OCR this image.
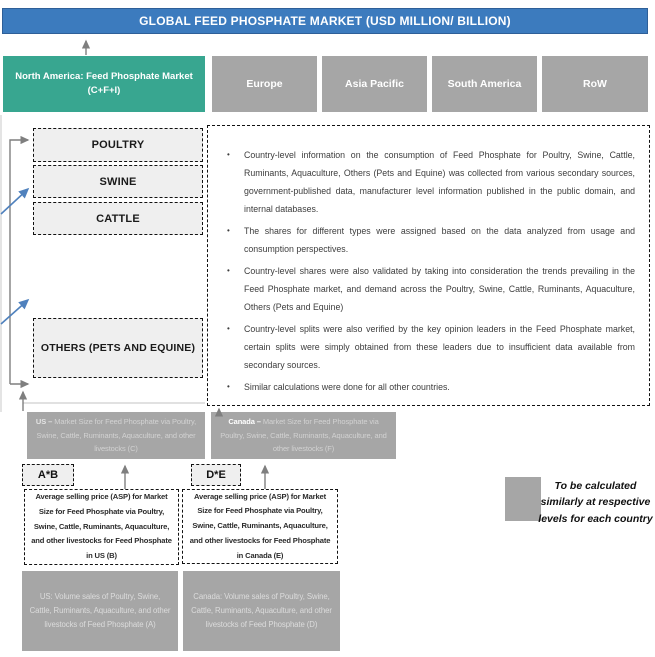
GLOBAL FEED PHOSPHATE MARKET (USD MILLION/ BILLION)
North America: Feed Phosphate Market
(C+F+I)
Europe	Asia Pacific	South America	RoW
POULTRY
SWINE
CATTLE
OTHERS (PETS AND EQUINE)
• Country-level information on the consumption of Feed Phosphate for Poultry, Swine, Cattle, Ruminants, Aquaculture, Others (Pets and Equine) was collected from various secondary sources, government-published data, manufacturer level information published in the public domain, and internal databases.
• The shares for different types were assigned based on the data analyzed from usage and consumption perspectives.
• Country-level shares were also validated by taking into consideration the trends prevailing in the Feed Phosphate market, and demand across the Poultry, Swine, Cattle, Ruminants, Aquaculture, Others (Pets and Equine)
• Country-level splits were also verified by the key opinion leaders in the Feed Phosphate market, certain splits were simply obtained from these leaders due to insufficient data available from secondary sources.
• Similar calculations were done for all other countries.
US – Market Size for Feed Phosphate via Poultry, Swine, Cattle, Ruminants, Aquaculture, and other livestocks (C)
Canada – Market Size for Feed Phosphate via Poultry, Swine, Cattle, Ruminants, Aquaculture, and other livestocks (F)
A*B	D*E
Average selling price (ASP) for Market Size for Feed Phosphate via Poultry, Swine, Cattle, Ruminants, Aquaculture, and other livestocks for Feed Phosphate in US (B)
Average selling price (ASP) for Market Size for Feed Phosphate via Poultry, Swine, Cattle, Ruminants, Aquaculture, and other livestocks for Feed Phosphate in Canada (E)
US: Volume sales of Poultry, Swine, Cattle, Ruminants, Aquaculture, and other livestocks of Feed Phosphate (A)
Canada: Volume sales of Poultry, Swine, Cattle, Ruminants, Aquaculture, and other livestocks of Feed Phosphate (D)
To be calculated similarly at respective levels for each country
